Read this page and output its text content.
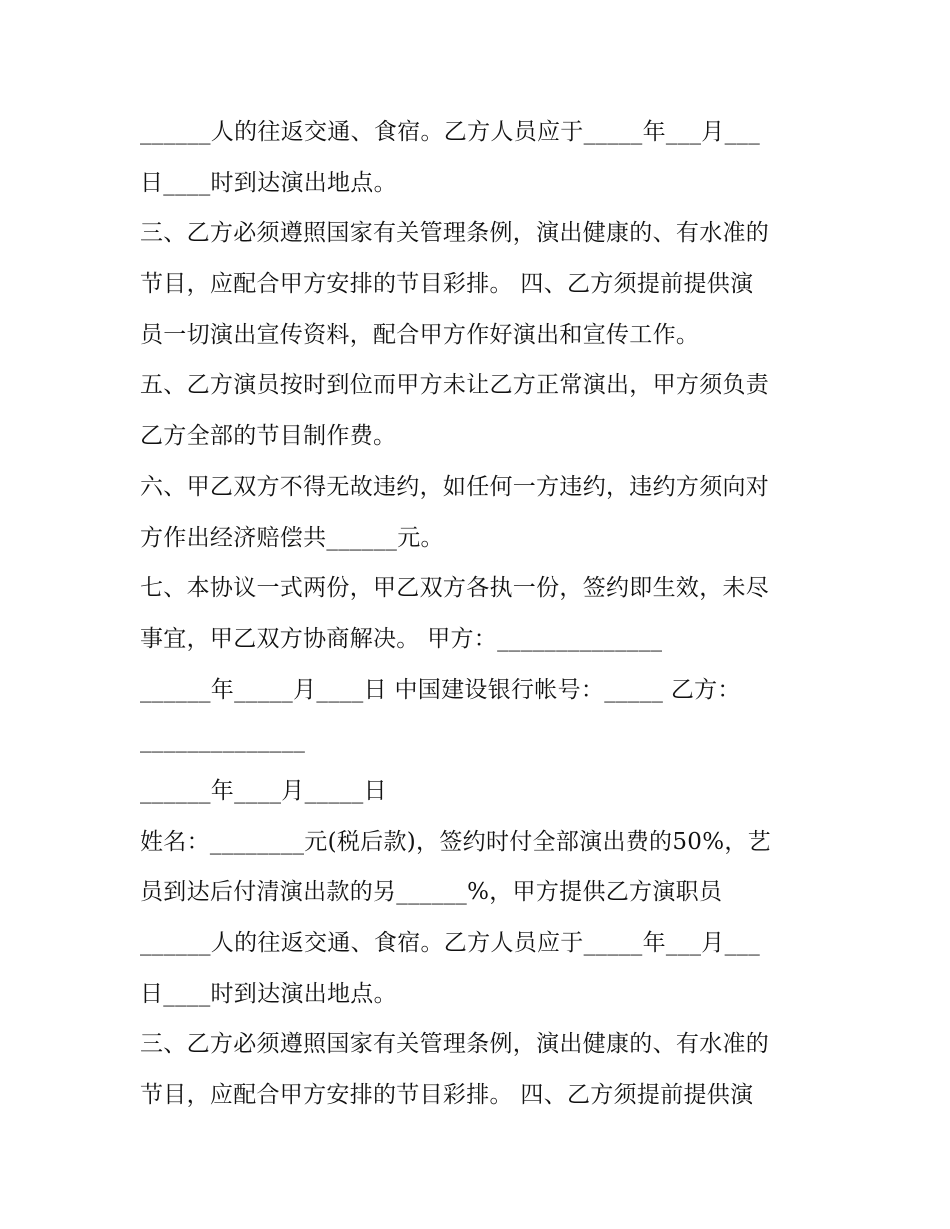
______人的往返交通、食宿。乙方人员应于_____年___月___
日____时到达演出地点。
三、乙方必须遵照国家有关管理条例，演出健康的、有水准的
节目，应配合甲方安排的节目彩排。 四、乙方须提前提供演
员一切演出宣传资料，配合甲方作好演出和宣传工作。
五、乙方演员按时到位而甲方未让乙方正常演出，甲方须负责
乙方全部的节目制作费。
六、甲乙双方不得无故违约，如任何一方违约，违约方须向对
方作出经济赔偿共______元。
七、本协议一式两份，甲乙双方各执一份，签约即生效，未尽
事宜，甲乙双方协商解决。 甲方：______________
______年_____月____日 中国建设银行帐号：_____ 乙方：
______________
______年____月_____日
姓名：________元(税后款)，签约时付全部演出费的50%，艺
员到达后付清演出款的另______%，甲方提供乙方演职员
______人的往返交通、食宿。乙方人员应于_____年___月___
日____时到达演出地点。
三、乙方必须遵照国家有关管理条例，演出健康的、有水准的
节目，应配合甲方安排的节目彩排。 四、乙方须提前提供演
